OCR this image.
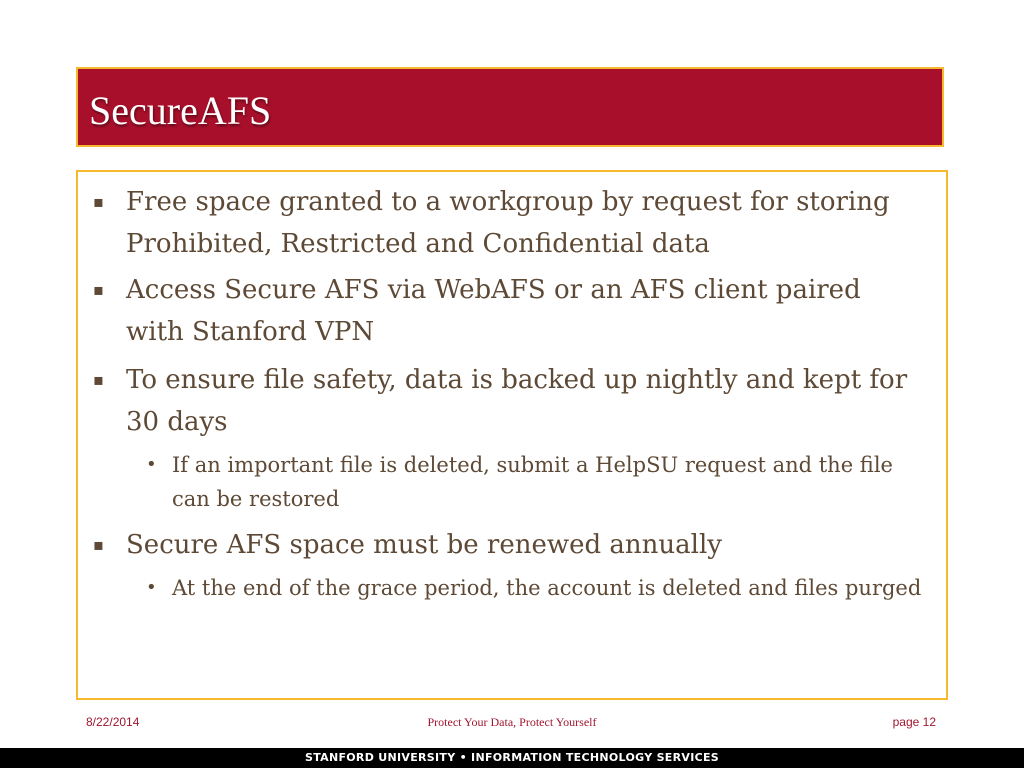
SecureAFS
▪ Free space granted to a workgroup by request for storing Prohibited, Restricted and Confidential data
▪ Access Secure AFS via WebAFS or an AFS client paired with Stanford VPN
▪ To ensure file safety, data is backed up nightly and kept for 30 days
• If an important file is deleted, submit a HelpSU request and the file can be restored
▪ Secure AFS space must be renewed annually
• At the end of the grace period, the account is deleted and files purged
8/22/2014	Protect Your Data, Protect Yourself	page 12
STANFORD UNIVERSITY • INFORMATION TECHNOLOGY SERVICES
